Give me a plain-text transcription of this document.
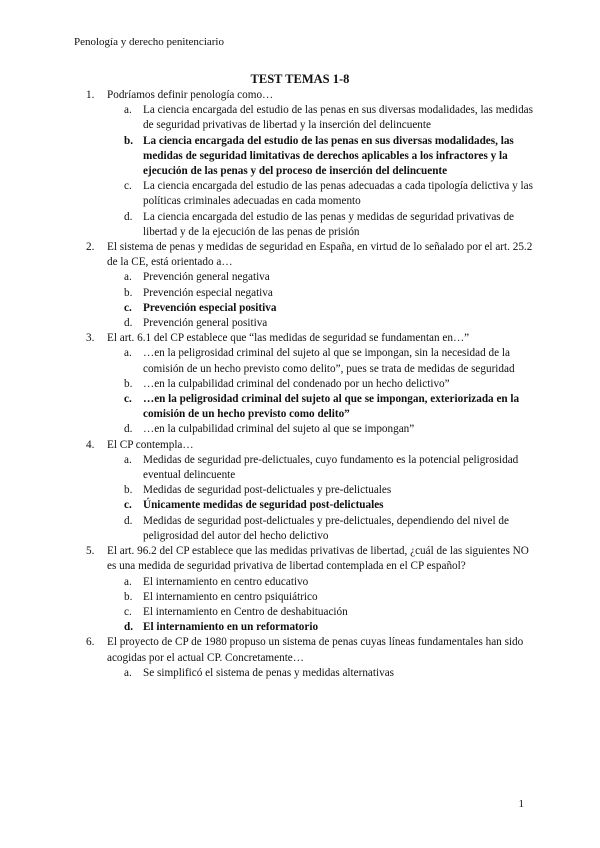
Penología y derecho penitenciario
TEST TEMAS 1-8
1. Podríamos definir penología como…
a. La ciencia encargada del estudio de las penas en sus diversas modalidades, las medidas de seguridad privativas de libertad y la inserción del delincuente
b. La ciencia encargada del estudio de las penas en sus diversas modalidades, las medidas de seguridad limitativas de derechos aplicables a los infractores y la ejecución de las penas y del proceso de inserción del delincuente
c. La ciencia encargada del estudio de las penas adecuadas a cada tipología delictiva y las políticas criminales adecuadas en cada momento
d. La ciencia encargada del estudio de las penas y medidas de seguridad privativas de libertad y de la ejecución de las penas de prisión
2. El sistema de penas y medidas de seguridad en España, en virtud de lo señalado por el art. 25.2 de la CE, está orientado a…
a. Prevención general negativa
b. Prevención especial negativa
c. Prevención especial positiva
d. Prevención general positiva
3. El art. 6.1 del CP establece que “las medidas de seguridad se fundamentan en…”
a. …en la peligrosidad criminal del sujeto al que se impongan, sin la necesidad de la comisión de un hecho previsto como delito”, pues se trata de medidas de seguridad
b. …en la culpabilidad criminal del condenado por un hecho delictivo”
c. …en la peligrosidad criminal del sujeto al que se impongan, exteriorizada en la comisión de un hecho previsto como delito”
d. …en la culpabilidad criminal del sujeto al que se impongan”
4. El CP contempla…
a. Medidas de seguridad pre-delictuales, cuyo fundamento es la potencial peligrosidad eventual delincuente
b. Medidas de seguridad post-delictuales y pre-delictuales
c. Únicamente medidas de seguridad post-delictuales
d. Medidas de seguridad post-delictuales y pre-delictuales, dependiendo del nivel de peligrosidad del autor del hecho delictivo
5. El art. 96.2 del CP establece que las medidas privativas de libertad, ¿cuál de las siguientes NO es una medida de seguridad privativa de libertad contemplada en el CP español?
a. El internamiento en centro educativo
b. El internamiento en centro psiquiátrico
c. El internamiento en Centro de deshabituación
d. El internamiento en un reformatorio
6. El proyecto de CP de 1980 propuso un sistema de penas cuyas líneas fundamentales han sido acogidas por el actual CP. Concretamente…
a. Se simplificó el sistema de penas y medidas alternativas
1
